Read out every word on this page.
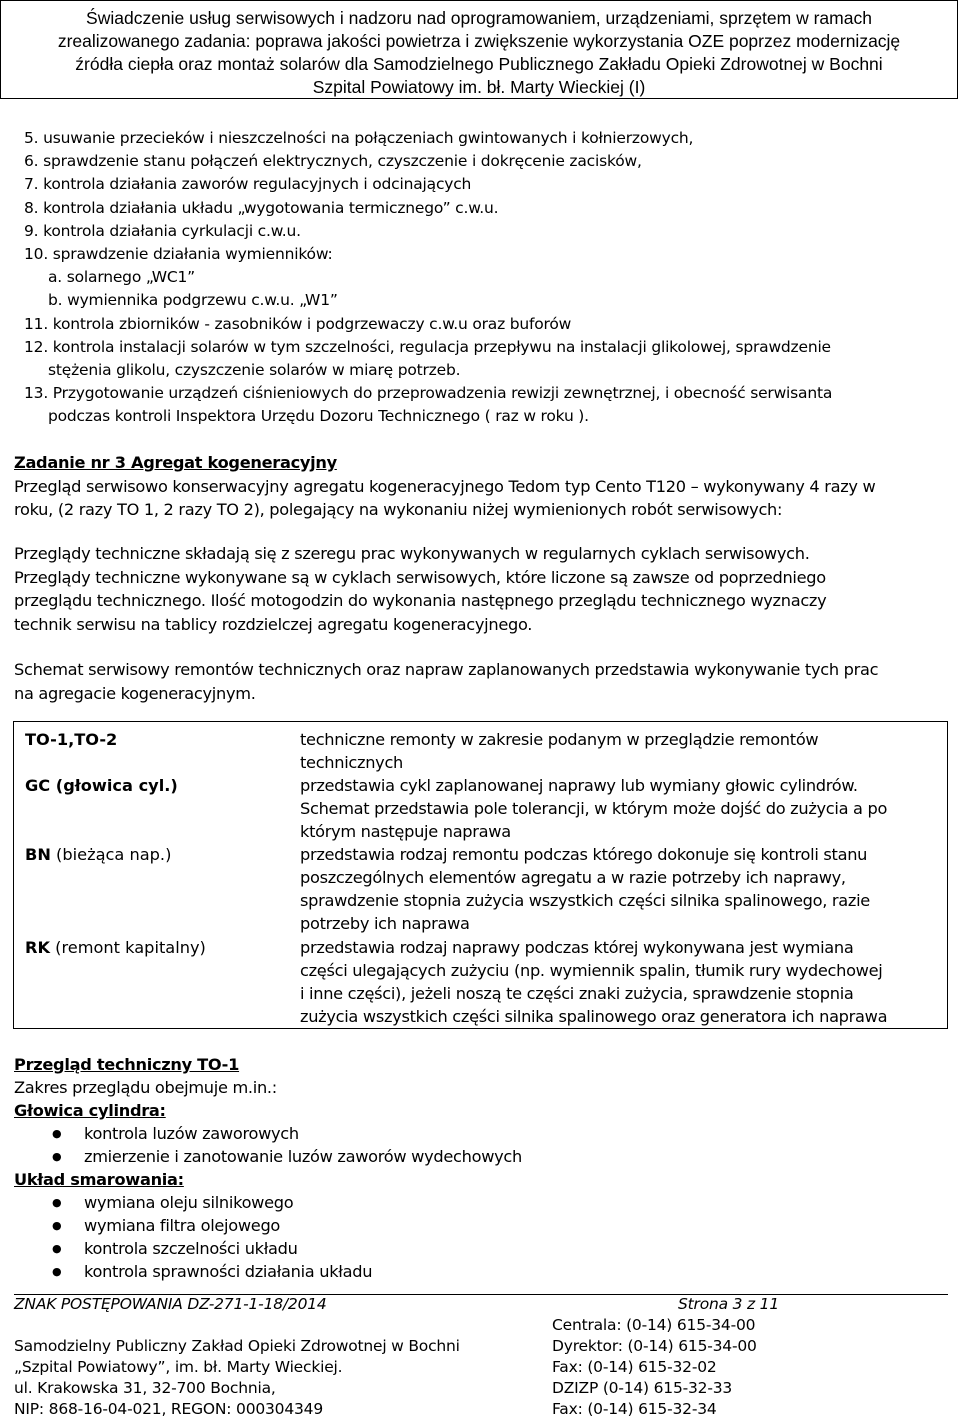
Świadczenie usług serwisowych i nadzoru nad oprogramowaniem, urządzeniami, sprzętem w ramach
zrealizowanego zadania: poprawa jakości powietrza i zwiększenie wykorzystania OZE poprzez modernizację
źródła ciepła oraz montaż solarów dla Samodzielnego Publicznego Zakładu Opieki Zdrowotnej w Bochni
Szpital Powiatowy im. bł. Marty Wieckiej (I)
5. usuwanie przecieków i nieszczelności na połączeniach gwintowanych i kołnierzowych,
6. sprawdzenie stanu połączeń elektrycznych, czyszczenie i dokręcenie zacisków,
7. kontrola działania zaworów regulacyjnych i odcinających
8. kontrola działania układu „wygotowania termicznego” c.w.u.
9. kontrola działania cyrkulacji c.w.u.
10. sprawdzenie działania wymienników:
a. solarnego „WC1”
b. wymiennika podgrzewu c.w.u. „W1”
11. kontrola zbiorników - zasobników i podgrzewaczy c.w.u oraz buforów
12. kontrola instalacji solarów w tym szczelności, regulacja przepływu na instalacji glikolowej, sprawdzenie
stężenia glikolu, czyszczenie solarów w miarę potrzeb.
13. Przygotowanie urządzeń ciśnieniowych do przeprowadzenia rewizji zewnętrznej, i obecność serwisanta
podczas kontroli Inspektora Urzędu Dozoru Technicznego ( raz w roku ).
Zadanie nr 3 Agregat kogeneracyjny
Przegląd serwisowo konserwacyjny agregatu kogeneracyjnego Tedom typ Cento T120 – wykonywany 4 razy w
roku, (2 razy TO 1, 2 razy TO 2), polegający na wykonaniu niżej wymienionych robót serwisowych:
Przeglądy techniczne składają się z szeregu prac wykonywanych w regularnych cyklach serwisowych.
Przeglądy techniczne wykonywane są w cyklach serwisowych, które liczone są zawsze od poprzedniego
przeglądu technicznego. Ilość motogodzin do wykonania następnego przeglądu technicznego wyznaczy
technik serwisu na tablicy rozdzielczej agregatu kogeneracyjnego.
Schemat serwisowy remontów technicznych oraz napraw zaplanowanych przedstawia wykonywanie tych prac
na agregacie kogeneracyjnym.
TO-1,TO-2	techniczne remonty w zakresie podanym w przeglądzie remontów
technicznych
GC (głowica cyl.)	przedstawia cykl zaplanowanej naprawy lub wymiany głowic cylindrów.
Schemat przedstawia pole tolerancji, w którym może dojść do zużycia a po
którym następuje naprawa
BN (bieżąca nap.)	przedstawia rodzaj remontu podczas którego dokonuje się kontroli stanu
poszczególnych elementów agregatu a w razie potrzeby ich naprawy,
sprawdzenie stopnia zużycia wszystkich części silnika spalinowego, razie
potrzeby ich naprawa
RK (remont kapitalny)	przedstawia rodzaj naprawy podczas której wykonywana jest wymiana
części ulegających zużyciu (np. wymiennik spalin, tłumik rury wydechowej
i inne części), jeżeli noszą te części znaki zużycia, sprawdzenie stopnia
zużycia wszystkich części silnika spalinowego oraz generatora ich naprawa
Przegląd techniczny TO-1
Zakres przeglądu obejmuje m.in.:
Głowica cylindra:
● kontrola luzów zaworowych
● zmierzenie i zanotowanie luzów zaworów wydechowych
Układ smarowania:
● wymiana oleju silnikowego
● wymiana filtra olejowego
● kontrola szczelności układu
● kontrola sprawności działania układu
ZNAK POSTĘPOWANIA DZ-271-1-18/2014	Strona 3 z 11
Samodzielny Publiczny Zakład Opieki Zdrowotnej w Bochni
„Szpital Powiatowy”, im. bł. Marty Wieckiej.
ul. Krakowska 31, 32-700 Bochnia,
NIP: 868-16-04-021, REGON: 000304349
Centrala: (0-14) 615-34-00
Dyrektor: (0-14) 615-34-00
Fax: (0-14) 615-32-02
DZIZP (0-14) 615-32-33
Fax: (0-14) 615-32-34
